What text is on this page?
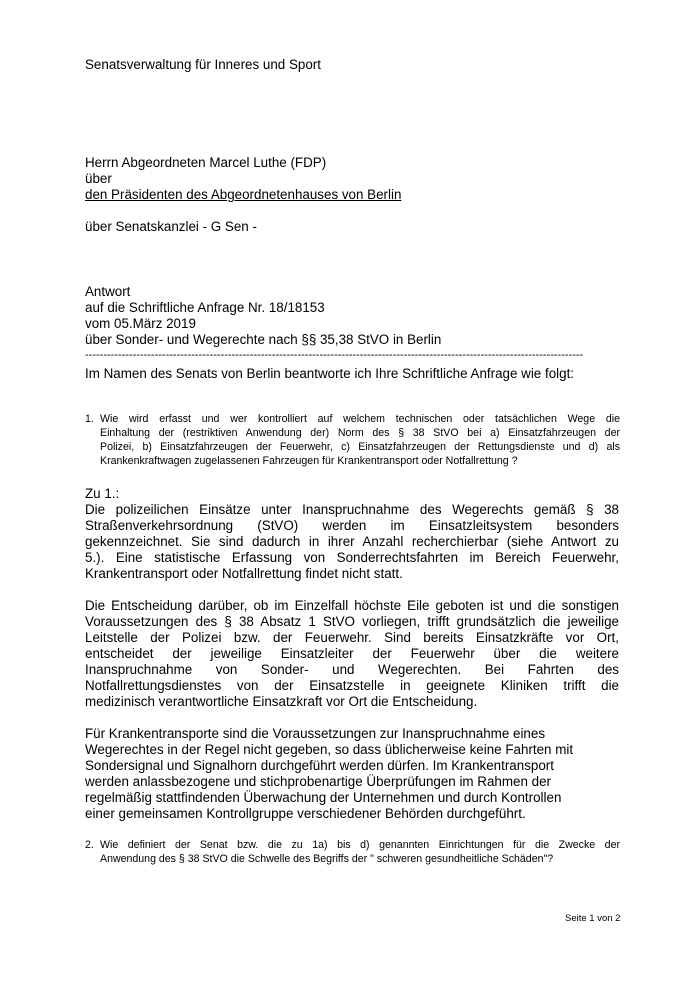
Senatsverwaltung für Inneres und Sport
Herrn Abgeordneten Marcel Luthe (FDP)
über
den Präsidenten des Abgeordnetenhauses von Berlin
über Senatskanzlei - G Sen -
Antwort
auf die Schriftliche Anfrage Nr. 18/18153
vom 05.März 2019
über Sonder- und Wegerechte nach §§ 35,38 StVO in Berlin
----------------------------------------------------------------------------------------------------------------------------------------
Im Namen des Senats von Berlin beantworte ich Ihre Schriftliche Anfrage wie folgt:
1. Wie wird erfasst und wer kontrolliert auf welchem technischen oder tatsächlichen Wege die
Einhaltung der (restriktiven Anwendung der) Norm des § 38 StVO bei a) Einsatzfahrzeugen der
Polizei, b) Einsatzfahrzeugen der Feuerwehr, c) Einsatzfahrzeugen der Rettungsdienste und d) als
Krankenkraftwagen zugelassenen Fahrzeugen für Krankentransport oder Notfallrettung ?
Zu 1.:
Die polizeilichen Einsätze unter Inanspruchnahme des Wegerechts gemäß § 38
Straßenverkehrsordnung (StVO) werden im Einsatzleitsystem besonders
gekennzeichnet. Sie sind dadurch in ihrer Anzahl recherchierbar (siehe Antwort zu
5.). Eine statistische Erfassung von Sonderrechtsfahrten im Bereich Feuerwehr,
Krankentransport oder Notfallrettung findet nicht statt.
Die Entscheidung darüber, ob im Einzelfall höchste Eile geboten ist und die sonstigen
Voraussetzungen des § 38 Absatz 1 StVO vorliegen, trifft grundsätzlich die jeweilige
Leitstelle der Polizei bzw. der Feuerwehr. Sind bereits Einsatzkräfte vor Ort,
entscheidet der jeweilige Einsatzleiter der Feuerwehr über die weitere
Inanspruchnahme von Sonder- und Wegerechten. Bei Fahrten des
Notfallrettungsdienstes von der Einsatzstelle in geeignete Kliniken trifft die
medizinisch verantwortliche Einsatzkraft vor Ort die Entscheidung.
Für Krankentransporte sind die Voraussetzungen zur Inanspruchnahme eines
Wegerechtes in der Regel nicht gegeben, so dass üblicherweise keine Fahrten mit
Sondersignal und Signalhorn durchgeführt werden dürfen. Im Krankentransport
werden anlassbezogene und stichprobenartige Überprüfungen im Rahmen der
regelmäßig stattfindenden Überwachung der Unternehmen und durch Kontrollen
einer gemeinsamen Kontrollgruppe verschiedener Behörden durchgeführt.
2. Wie definiert der Senat bzw. die zu 1a) bis d) genannten Einrichtungen für die Zwecke der
Anwendung des § 38 StVO die Schwelle des Begriffs der " schweren gesundheitliche Schäden"?
Seite 1 von 2
